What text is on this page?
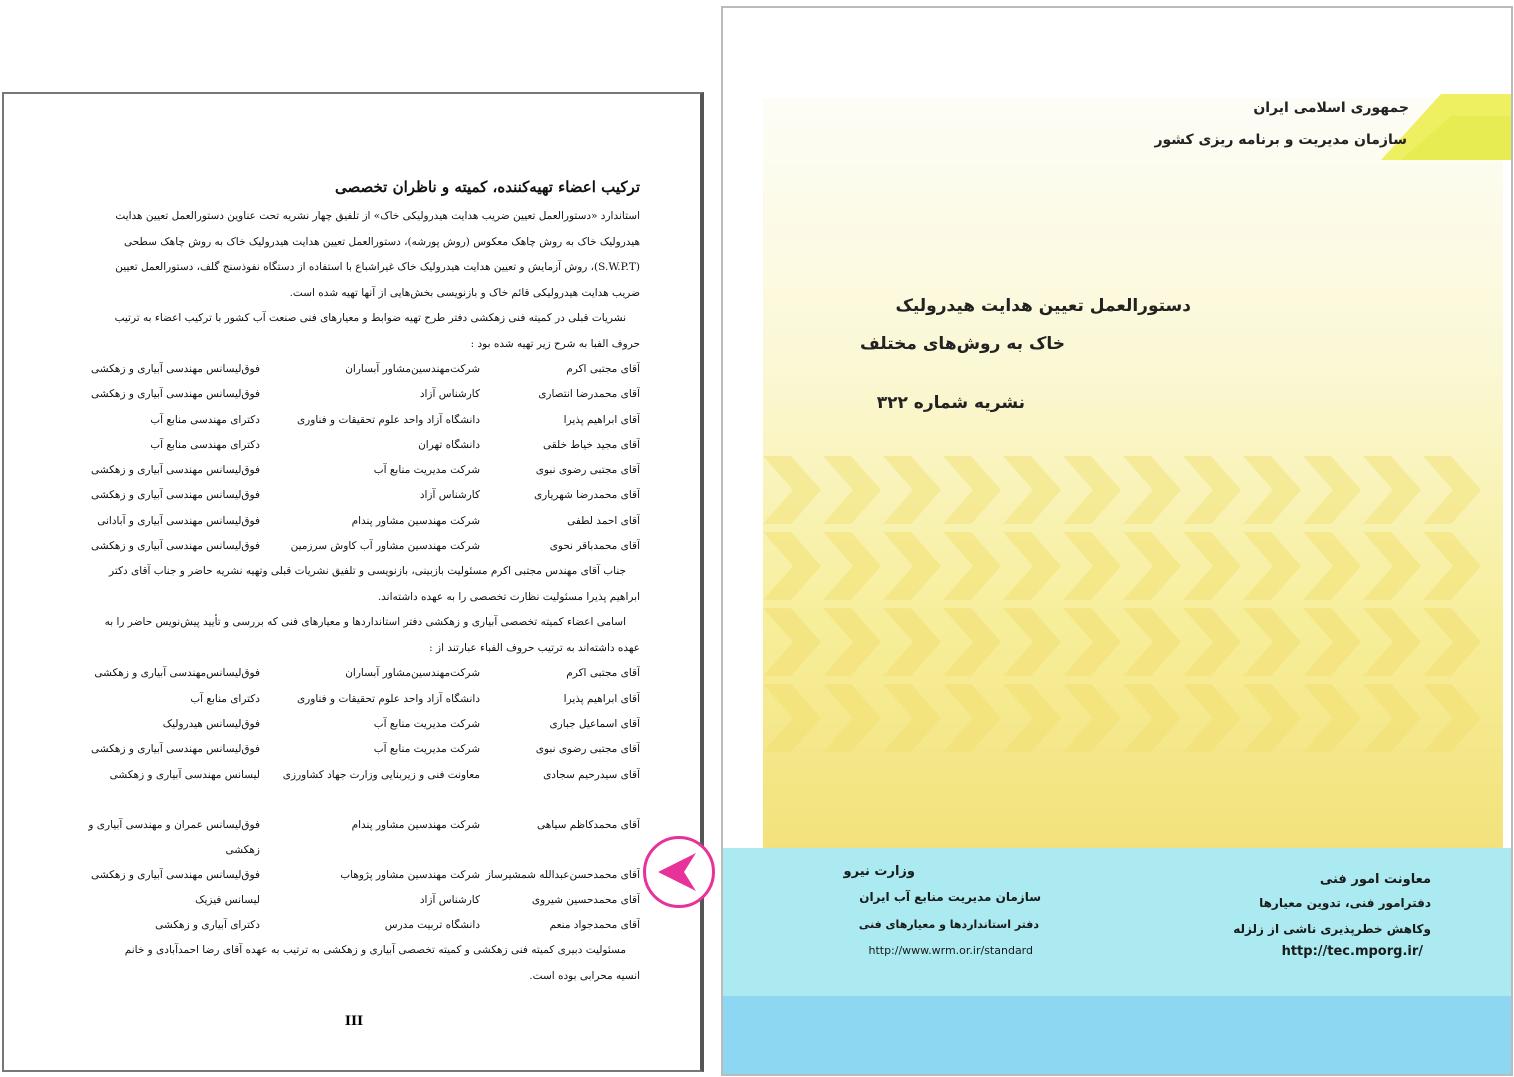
ترکیب اعضاء تهیه‌کننده، کمیته و ناظران تخصصی
استاندارد «دستورالعمل تعیین ضریب هدایت هیدرولیکی خاک» از تلفیق چهار نشریه تحت عناوین دستورالعمل تعیین هدایت
هیدرولیک خاک به روش چاهک معکوس (روش پورشه)، دستورالعمل تعیین هدایت هیدرولیک خاک به روش چاهک سطحی
(S.W.P.T)، روش آزمایش و تعیین هدایت هیدرولیک خاک غیراشباع با استفاده از دستگاه نفوذسنج گلف، دستورالعمل تعیین
ضریب هدایت هیدرولیکی قائم خاک و بازنویسی بخش‌هایی از آنها تهیه شده است.
نشریات قبلی در کمیته فنی زهکشی دفتر طرح تهیه ضوابط و معیارهای فنی صنعت آب کشور با ترکیب اعضاء به ترتیب
حروف الفبا به شرح زیر تهیه شده بود :
آقای مجتبی اکرم
شرکت‌مهندسین‌مشاور آبساران
فوق‌لیسانس مهندسی آبیاری و زهکشی
آقای محمدرضا انتصاری
کارشناس آزاد
فوق‌لیسانس مهندسی آبیاری و زهکشی
آقای ابراهیم پذیرا
دانشگاه آزاد واحد علوم تحقیقات و فناوری
دکترای مهندسی منابع آب
آقای مجید خیاط خلقی
دانشگاه تهران
دکترای مهندسی منابع آب
آقای مجتبی رضوی نبوی
شرکت مدیریت منابع آب
فوق‌لیسانس مهندسی آبیاری و زهکشی
آقای محمدرضا شهریاری
کارشناس آزاد
فوق‌لیسانس مهندسی آبیاری و زهکشی
آقای احمد لطفی
شرکت مهندسین مشاور پندام
فوق‌لیسانس مهندسی آبیاری و آبادانی
آقای محمدباقر نحوی
شرکت مهندسین مشاور آب کاوش سرزمین
فوق‌لیسانس مهندسی آبیاری و زهکشی
جناب آقای مهندس مجتبی اکرم مسئولیت بازبینی، بازنویسی و تلفیق نشریات قبلی وتهیه نشریه حاضر و جناب آقای دکتر
ابراهیم پذیرا مسئولیت نظارت تخصصی را به عهده داشته‌اند.
اسامی اعضاء کمیته تخصصی آبیاری و زهکشی دفتر استانداردها و معیارهای فنی که بررسی و تأیید پیش‌نویس حاضر را به
عهده داشته‌اند به ترتیب حروف الفباء عبارتند از :
آقای مجتبی اکرم
شرکت‌مهندسین‌مشاور آبساران
فوق‌لیسانس‌مهندسی آبیاری و زهکشی
آقای ابراهیم پذیرا
دانشگاه آزاد واحد علوم تحقیقات و فناوری
دکترای منابع آب
آقای اسماعیل جباری
شرکت مدیریت منابع آب
فوق‌لیسانس هیدرولیک
آقای مجتبی رضوی نبوی
شرکت مدیریت منابع آب
فوق‌لیسانس مهندسی آبیاری و زهکشی
آقای سیدرحیم سجادی
معاونت فنی و زیربنایی وزارت جهاد کشاورزی
لیسانس مهندسی آبیاری و زهکشی
آقای محمدکاظم سیاهی
شرکت مهندسین مشاور پندام
فوق‌لیسانس عمران و مهندسی آبیاری و زهکشی
آقای محمدحسن‌عبدالله شمشیرساز
شرکت مهندسین مشاور پژوهاب
فوق‌لیسانس مهندسی آبیاری و زهکشی
آقای محمدحسین شیروی
کارشناس آزاد
لیسانس فیزیک
آقای محمدجواد منعم
دانشگاه تربیت مدرس
دکترای آبیاری و زهکشی
مسئولیت دبیری کمیته فنی زهکشی و کمیته تخصصی آبیاری و زهکشی به ترتیب به عهده آقای رضا احمدآبادی و خانم
انسیه محرابی بوده است.
III
جمهوری اسلامی ایران
سازمان مدیریت و برنامه ریزی کشور
دستورالعمل تعیین هدایت هیدرولیک
خاک به روش‌های مختلف
نشریه شماره ۳۲۲
معاونت امور فنی
دفترامور فنی، تدوین معیارها
وکاهش خطرپذیری ناشی از زلزله
http://tec.mporg.ir/
وزارت نیرو
سازمان مدیریت منابع آب ایران
دفتر استانداردها و معیارهای فنی
http://www.wrm.or.ir/standard
